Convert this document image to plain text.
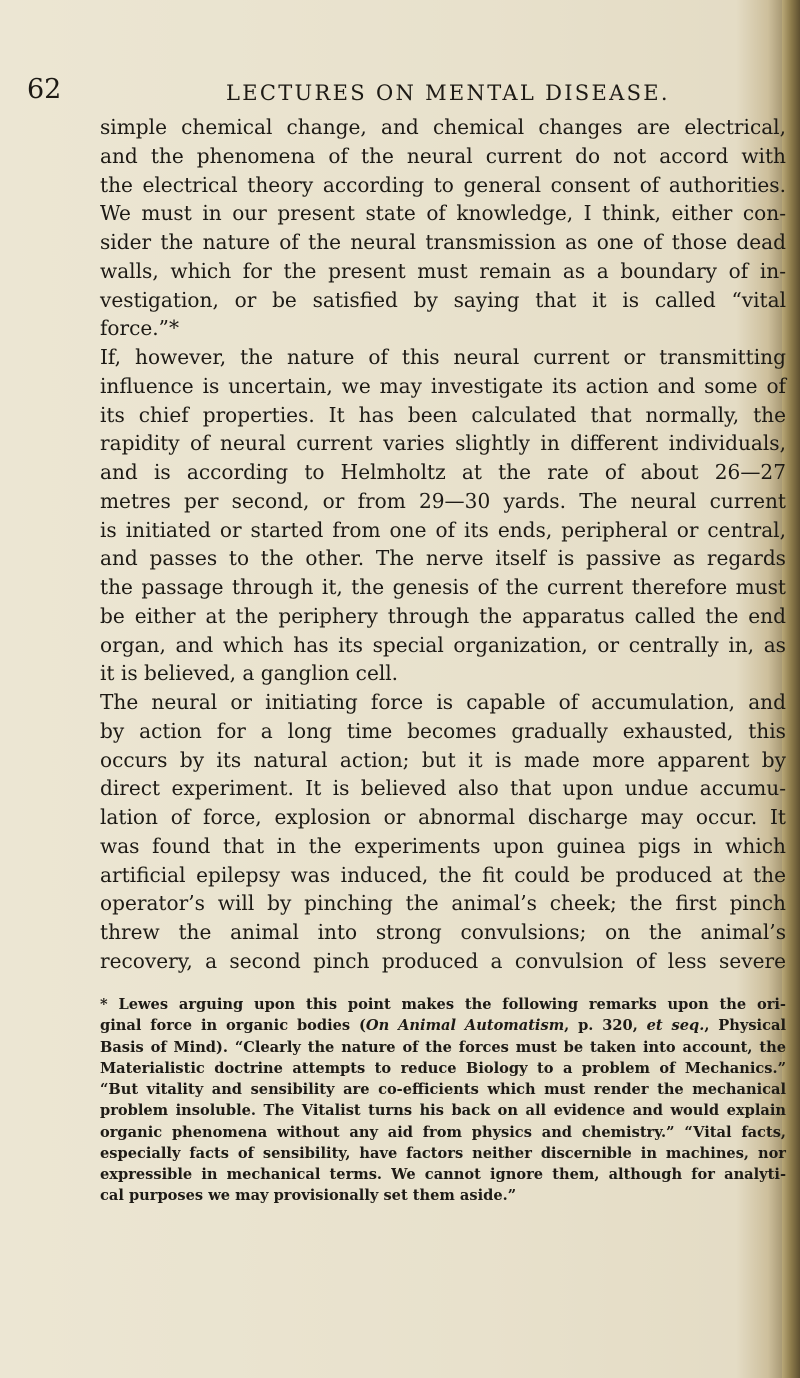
62	LECTURES ON MENTAL DISEASE.
simple chemical change, and chemical changes are electrical,
and the phenomena of the neural current do not accord with
the electrical theory according to general consent of authorities.
We must in our present state of knowledge, I think, either con-
sider the nature of the neural transmission as one of those dead
walls, which for the present must remain as a boundary of in-
vestigation, or be satisfied by saying that it is called “vital
force.”*
If, however, the nature of this neural current or transmitting
influence is uncertain, we may investigate its action and some of
its chief properties. It has been calculated that normally, the
rapidity of neural current varies slightly in different individuals,
and is according to Helmholtz at the rate of about 26—27
metres per second, or from 29—30 yards. The neural current
is initiated or started from one of its ends, peripheral or central,
and passes to the other. The nerve itself is passive as regards
the passage through it, the genesis of the current therefore must
be either at the periphery through the apparatus called the end
organ, and which has its special organization, or centrally in, as
it is believed, a ganglion cell.
The neural or initiating force is capable of accumulation, and
by action for a long time becomes gradually exhausted, this
occurs by its natural action; but it is made more apparent by
direct experiment. It is believed also that upon undue accumu-
lation of force, explosion or abnormal discharge may occur. It
was found that in the experiments upon guinea pigs in which
artificial epilepsy was induced, the fit could be produced at the
operator’s will by pinching the animal’s cheek; the first pinch
threw the animal into strong convulsions; on the animal’s
recovery, a second pinch produced a convulsion of less severe
* Lewes arguing upon this point makes the following remarks upon the ori-
ginal force in organic bodies (On Animal Automatism, p. 320, et seq., Physical
Basis of Mind). “Clearly the nature of the forces must be taken into account, the
Materialistic doctrine attempts to reduce Biology to a problem of Mechanics.”
“But vitality and sensibility are co-efficients which must render the mechanical
problem insoluble. The Vitalist turns his back on all evidence and would explain
organic phenomena without any aid from physics and chemistry.” “Vital facts,
especially facts of sensibility, have factors neither discernible in machines, nor
expressible in mechanical terms. We cannot ignore them, although for analyti-
cal purposes we may provisionally set them aside.”
